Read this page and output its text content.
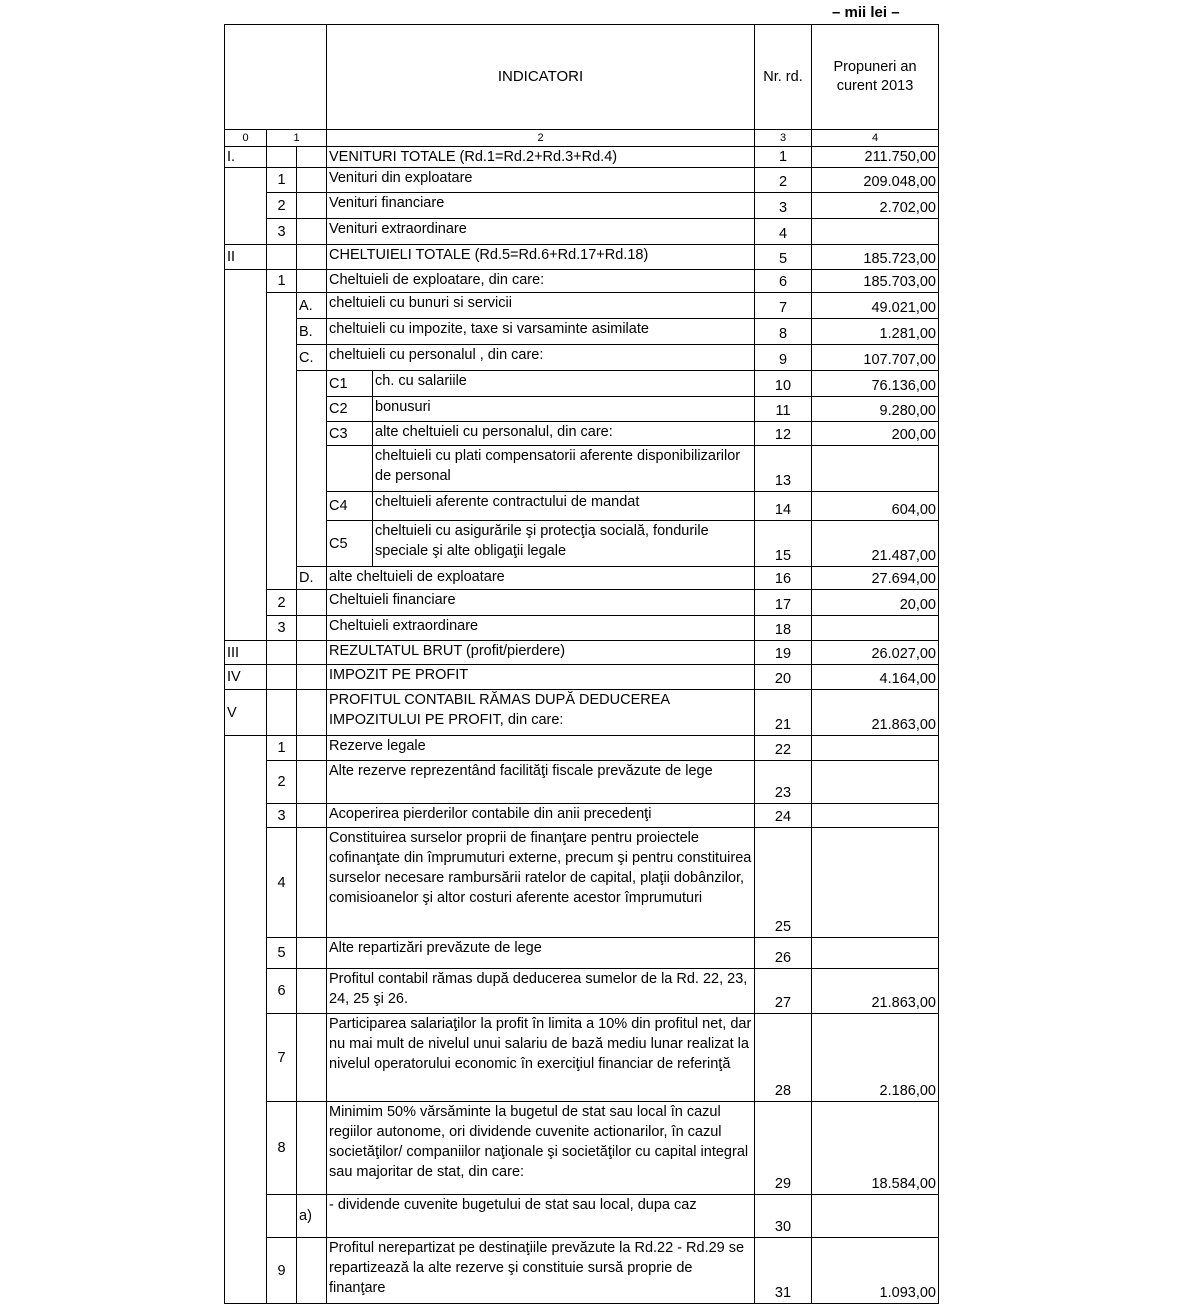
– mii lei –
			INDICATORI		Nr. rd.	Propuneri an curent 2013
0	1		2		3	4
I.			VENITURI TOTALE (Rd.1=Rd.2+Rd.3+Rd.4)		1	211.750,00
	1		Venituri din exploatare		2	209.048,00
	2		Venituri financiare		3	2.702,00
	3		Venituri extraordinare		4	
II			CHELTUIELI TOTALE (Rd.5=Rd.6+Rd.17+Rd.18)		5	185.723,00
	1		Cheltuieli de exploatare, din care:		6	185.703,00
		A.	cheltuieli cu bunuri si servicii		7	49.021,00
		B.	cheltuieli cu impozite, taxe si varsaminte asimilate		8	1.281,00
		C.	cheltuieli cu personalul , din care:		9	107.707,00
			C1	ch. cu salariile	10	76.136,00
			C2	bonusuri	11	9.280,00
			C3	alte cheltuieli cu personalul, din care:	12	200,00
				cheltuieli cu plati compensatorii aferente disponibilizarilor de personal	13	
			C4	cheltuieli aferente contractului de mandat	14	604,00
			C5	cheltuieli cu asigurările şi protecţia socială, fondurile speciale şi alte obligaţii legale	15	21.487,00
		D.	alte cheltuieli de exploatare		16	27.694,00
	2		Cheltuieli financiare		17	20,00
	3		Cheltuieli extraordinare		18	
III			REZULTATUL BRUT (profit/pierdere)		19	26.027,00
IV			IMPOZIT PE PROFIT		20	4.164,00
V			PROFITUL CONTABIL RĂMAS DUPĂ DEDUCEREA IMPOZITULUI PE PROFIT, din care:		21	21.863,00
	1		Rezerve legale		22	
	2		Alte rezerve reprezentând facilităţi fiscale prevăzute de lege		23	
	3		Acoperirea pierderilor contabile din anii precedenţi		24	
	4		Constituirea surselor proprii de finanţare pentru proiectele cofinanţate din împrumuturi externe, precum şi pentru constituirea surselor necesare rambursării ratelor de capital, plaţii dobânzilor, comisioanelor şi altor costuri aferente acestor împrumuturi		25	
	5		Alte repartizări prevăzute de lege		26	
	6		Profitul contabil rămas după deducerea sumelor de la Rd. 22, 23, 24, 25 şi 26.		27	21.863,00
	7		Participarea salariaţilor la profit în limita a 10% din profitul net, dar nu mai mult de nivelul unui salariu de bază mediu lunar realizat la nivelul operatorului economic în exerciţiul financiar de referinţă		28	2.186,00
	8		Minimim 50% vărsăminte la bugetul de stat sau local în cazul regiilor autonome, ori dividende cuvenite actionarilor, în cazul societăţilor/ companiilor naţionale şi societăţilor cu capital integral sau majoritar de stat, din care:		29	18.584,00
		a)	- dividende cuvenite bugetului de stat sau local, dupa caz		30	
	9		Profitul nerepartizat pe destinaţiile prevăzute la Rd.22 - Rd.29 se repartizează la alte rezerve şi constituie sursă proprie de finanţare		31	1.093,00
